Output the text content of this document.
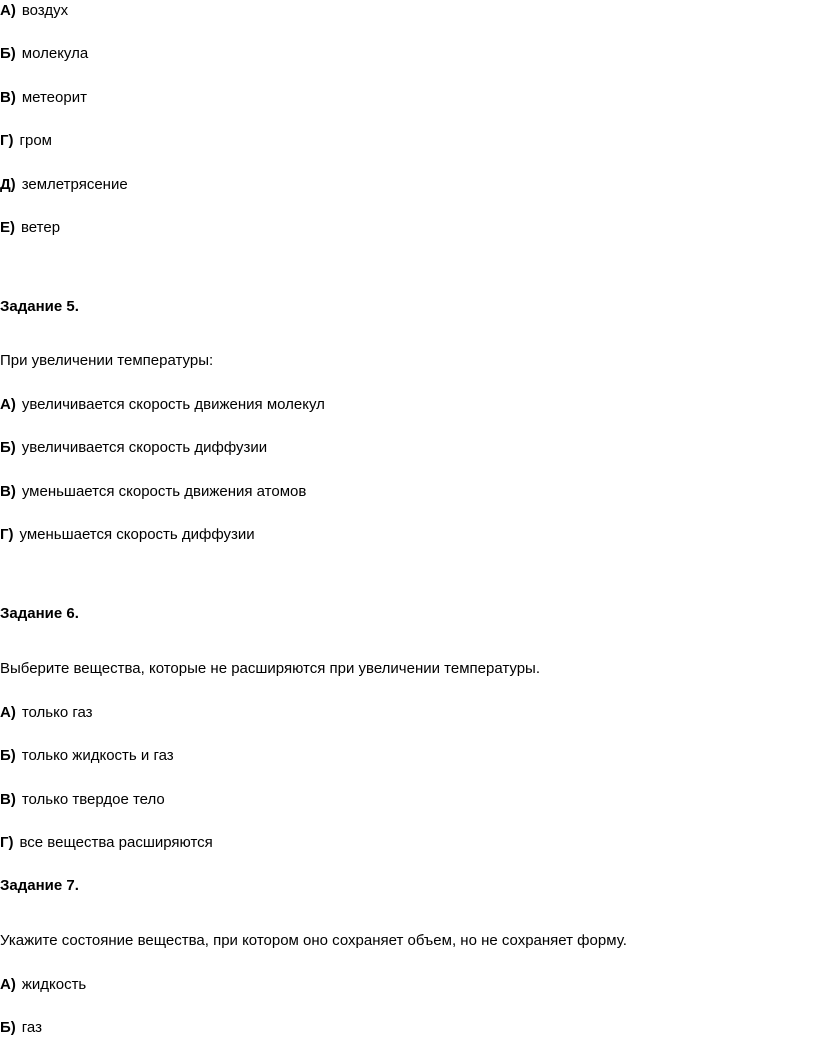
А) воздух
Б) молекула
В) метеорит
Г) гром
Д) землетрясение
Е) ветер
Задание 5.
При увеличении температуры:
А) увеличивается скорость движения молекул
Б) увеличивается скорость диффузии
В) уменьшается скорость движения атомов
Г) уменьшается скорость диффузии
Задание 6.
Выберите вещества, которые не расширяются при увеличении температуры.
А) только газ
Б) только жидкость и газ
В) только твердое тело
Г) все вещества расширяются
Задание 7.
Укажите состояние вещества, при котором оно сохраняет объем, но не сохраняет форму.
А) жидкость
Б) газ
